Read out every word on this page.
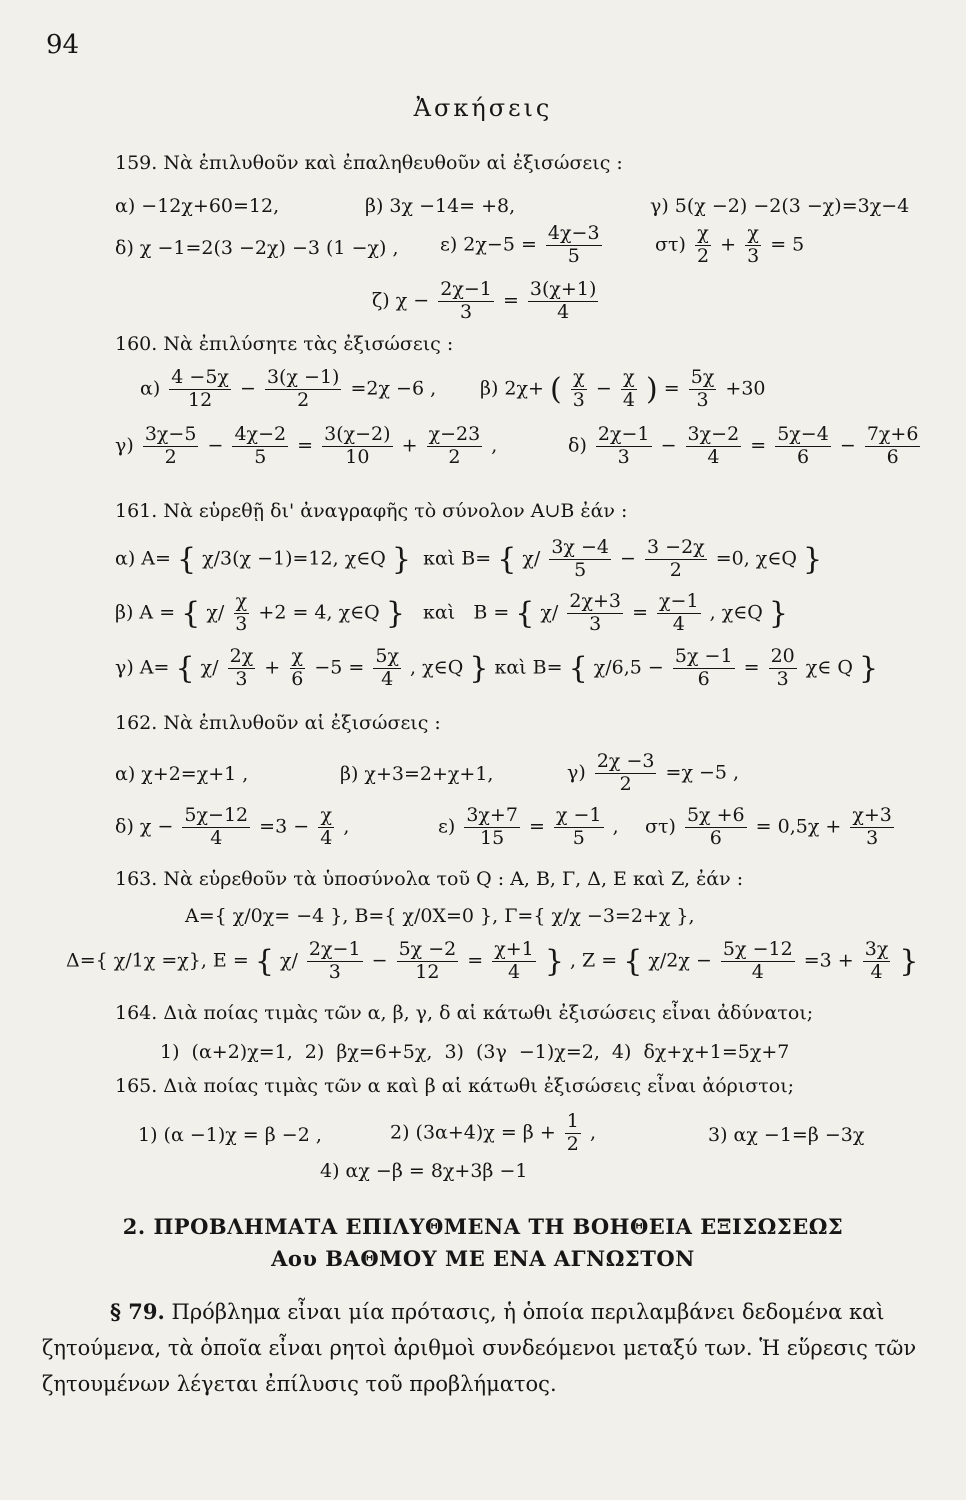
94
Ἀσκήσεις
159. Νὰ ἐπιλυθοῦν καὶ ἐπαληθευθοῦν αἱ ἐξισώσεις :
α) −12χ+60=12,	β) 3χ −14= +8,	γ) 5(χ −2) −2(3 −χ)=3χ−4
δ) χ −1=2(3 −2χ) −3 (1 −χ) , ε) $2\chi-5 = \frac{4\chi-3}{5}$	$\sigma\tau) \frac{\chi}{2} + \frac{\chi}{3} = 5$
ζ) $\chi - \frac{2\chi-1}{3} = \frac{3(\chi+1)}{4}$
160. Νὰ ἐπιλύσητε τὰς ἐξισώσεις :
$\alpha) \frac{4 -5\chi}{12} - \frac{3(\chi -1)}{2} =2\chi -6$ , β) 2χ+ ( $\frac{\chi}{3} - \frac{\chi}{4}$ ) = $\frac{5\chi}{3} +30$
$\gamma) \frac{3\chi-5}{2} - \frac{4\chi-2}{5} = \frac{3(\chi-2)}{10} + \frac{\chi-23}{2}$ ,	$\delta) \frac{2\chi-1}{3} - \frac{3\chi-2}{4} = \frac{5\chi-4}{6} - \frac{7\chi+6}{6}$
161. Νὰ εὑρεθῇ δι' ἀναγραφῆς τὸ σύνολον A∪B ἐάν :
α) A= { χ/3(χ −1)=12, χ∈Q } καὶ B= { $\chi/ \frac{3\chi -4}{5} - \frac{3 -2\chi}{2} =0$, χ∈Q }
β) A = { $\chi/ \frac{\chi}{3} +2 = 4$, χ∈Q } καὶ B = { $\chi/ \frac{2\chi+3}{3} = \frac{\chi-1}{4}$ , χ∈Q }
γ) A= { $\chi/ \frac{2\chi}{3} + \frac{\chi}{6} -5 = \frac{5\chi}{4}$ , χ∈Q } καὶ B= { $\chi/6,5 - \frac{5\chi -1}{6} = \frac{20}{3}$ χ∈ Q }
162. Νὰ ἐπιλυθοῦν αἱ ἐξισώσεις :
α) χ+2=χ+1 ,	β) χ+3=2+χ+1,	$\gamma) \frac{2\chi -3}{2} =\chi -5$ ,
δ) $\chi - \frac{5\chi-12}{4} =3 - \frac{\chi}{4}$ ,	$\varepsilon) \frac{3\chi+7}{15} = \frac{\chi -1}{5}$ , $\sigma\tau) \frac{5\chi +6}{6} = 0,5\chi + \frac{\chi+3}{3}$
163. Νὰ εὑρεθοῦν τὰ ὑποσύνολα τοῦ Q : A, B, Γ, Δ, E καὶ Z, ἐάν :
A={ χ/0χ= −4 }, B={ χ/0X=0 }, Γ={ χ/χ −3=2+χ },
Δ={ χ/1χ =χ}, E = { $\chi/ \frac{2\chi-1}{3} - \frac{5\chi -2}{12} = \frac{\chi+1}{4}$ } , Z = { $\chi/2\chi - \frac{5\chi -12}{4} =3 + \frac{3\chi}{4}$ }
164. Διὰ ποίας τιμὰς τῶν α, β, γ, δ αἱ κάτωθι ἐξισώσεις εἶναι ἀδύνατοι;
1) (α+2)χ=1, 2) βχ=6+5χ, 3) (3γ −1)χ=2, 4) δχ+χ+1=5χ+7
165. Διὰ ποίας τιμὰς τῶν α καὶ β αἱ κάτωθι ἐξισώσεις εἶναι ἀόριστοι;
1) (α −1)χ = β −2 ,	2) $(3\alpha+4)\chi = \beta + \frac{1}{2}$ ,	3) αχ −1=β −3χ
4) αχ −β = 8χ+3β −1
2. ΠΡΟΒΛΗΜΑΤΑ ΕΠΙΛΥΘΜΕΝΑ ΤΗ ΒΟΗΘΕΙΑ ΕΞΙΣΩΣΕΩΣ
Aου ΒΑΘΜΟΥ ΜΕ ΕΝΑ ΑΓΝΩΣΤΟΝ
§ 79. Πρόβλημα εἶναι μία πρότασις, ἡ ὁποία περιλαμβάνει δεδομένα καὶ ζητούμενα, τὰ ὁποῖα εἶναι ρητοὶ ἀριθμοὶ συνδεόμενοι μεταξύ των. Ἡ εὕρεσις τῶν ζητουμένων λέγεται ἐπίλυσις τοῦ προβλήματος.
